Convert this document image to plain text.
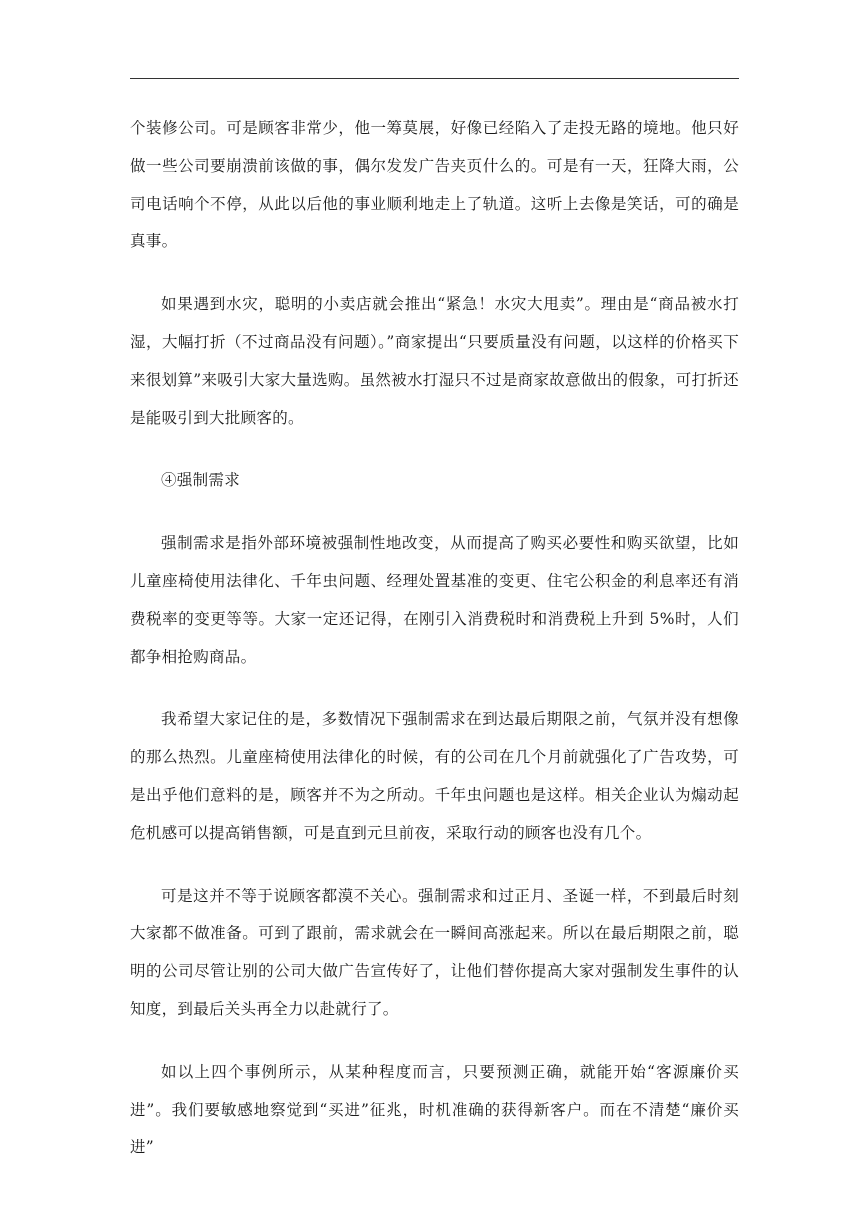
个装修公司。可是顾客非常少，他一筹莫展，好像已经陷入了走投无路的境地。他只好做一些公司要崩溃前该做的事，偶尔发发广告夹页什么的。可是有一天，狂降大雨，公司电话响个不停，从此以后他的事业顺利地走上了轨道。这听上去像是笑话，可的确是真事。

如果遇到水灾，聪明的小卖店就会推出“紧急！水灾大甩卖”。理由是“商品被水打湿，大幅打折（不过商品没有问题）。”商家提出“只要质量没有问题，以这样的价格买下来很划算”来吸引大家大量选购。虽然被水打湿只不过是商家故意做出的假象，可打折还是能吸引到大批顾客的。

④强制需求

强制需求是指外部环境被强制性地改变，从而提高了购买必要性和购买欲望，比如儿童座椅使用法律化、千年虫问题、经理处置基准的变更、住宅公积金的利息率还有消费税率的变更等等。大家一定还记得，在刚引入消费税时和消费税上升到 5%时，人们都争相抢购商品。

我希望大家记住的是，多数情况下强制需求在到达最后期限之前，气氛并没有想像的那么热烈。儿童座椅使用法律化的时候，有的公司在几个月前就强化了广告攻势，可是出乎他们意料的是，顾客并不为之所动。千年虫问题也是这样。相关企业认为煽动起危机感可以提高销售额，可是直到元旦前夜，采取行动的顾客也没有几个。

可是这并不等于说顾客都漠不关心。强制需求和过正月、圣诞一样，不到最后时刻大家都不做准备。可到了跟前，需求就会在一瞬间高涨起来。所以在最后期限之前，聪明的公司尽管让别的公司大做广告宣传好了，让他们替你提高大家对强制发生事件的认知度，到最后关头再全力以赴就行了。

如以上四个事例所示，从某种程度而言，只要预测正确，就能开始“客源廉价买进”。我们要敏感地察觉到“买进”征兆，时机准确的获得新客户。而在不清楚“廉价买进”
